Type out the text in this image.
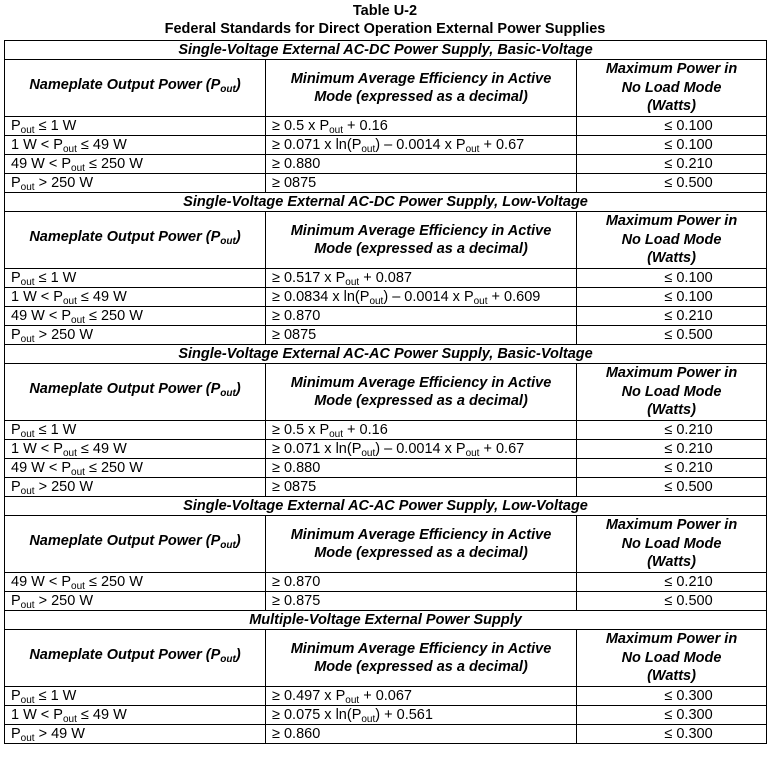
Table U-2
Federal Standards for Direct Operation External Power Supplies
Single-Voltage External AC-DC Power Supply, Basic-Voltage		
Nameplate Output Power $(P_{out})$	Minimum Average Efficiency in Active Mode (expressed as a decimal)	Maximum Power in No Load Mode (Watts)
$P_{out} \le 1$ W	≥ 0.5 x $P_{out} + 0.16$	≤ 0.100
1 $W < P_{out} \le 49$ W	≥ 0.071 x $\ln(P_{out}) - 0.0014$ x $P_{out} + 0.67$	≤ 0.100
49 $W < P_{out} \le 250$ W	≥ 0.880	≤ 0.210
$P_{out} > 250$ W	≥ 0875	≤ 0.500
Single-Voltage External AC-DC Power Supply, Low-Voltage		
Nameplate Output Power $(P_{out})$	Minimum Average Efficiency in Active Mode (expressed as a decimal)	Maximum Power in No Load Mode (Watts)
$P_{out} \le 1$ W	≥ 0.517 x $P_{out} + 0.087$	≤ 0.100
1 $W < P_{out} \le 49$ W	≥ 0.0834 x $\ln(P_{out}) - 0.0014$ x $P_{out} + 0.609$	≤ 0.100
49 $W < P_{out} \le 250$ W	≥ 0.870	≤ 0.210
$P_{out} > 250$ W	≥ 0875	≤ 0.500
Single-Voltage External AC-AC Power Supply, Basic-Voltage		
Nameplate Output Power $(P_{out})$	Minimum Average Efficiency in Active Mode (expressed as a decimal)	Maximum Power in No Load Mode (Watts)
$P_{out} \le 1$ W	≥ 0.5 x $P_{out} + 0.16$	≤ 0.210
1 $W < P_{out} \le 49$ W	≥ 0.071 x $\ln(P_{out}) - 0.0014$ x $P_{out} + 0.67$	≤ 0.210
49 $W < P_{out} \le 250$ W	≥ 0.880	≤ 0.210
$P_{out} > 250$ W	≥ 0875	≤ 0.500
Single-Voltage External AC-AC Power Supply, Low-Voltage		
Nameplate Output Power $(P_{out})$	Minimum Average Efficiency in Active Mode (expressed as a decimal)	Maximum Power in No Load Mode (Watts)
49 $W < P_{out} \le 250$ W	≥ 0.870	≤ 0.210
$P_{out} > 250$ W	≥ 0.875	≤ 0.500
Multiple-Voltage External Power Supply		
Nameplate Output Power $(P_{out})$	Minimum Average Efficiency in Active Mode (expressed as a decimal)	Maximum Power in No Load Mode (Watts)
$P_{out} \le 1$ W	≥ 0.497 x $P_{out} + 0.067$	≤ 0.300
1 $W < P_{out} \le 49$ W	≥ 0.075 x $\ln(P_{out}) + 0.561$	≤ 0.300
$P_{out} > 49$ W	≥ 0.860	≤ 0.300
